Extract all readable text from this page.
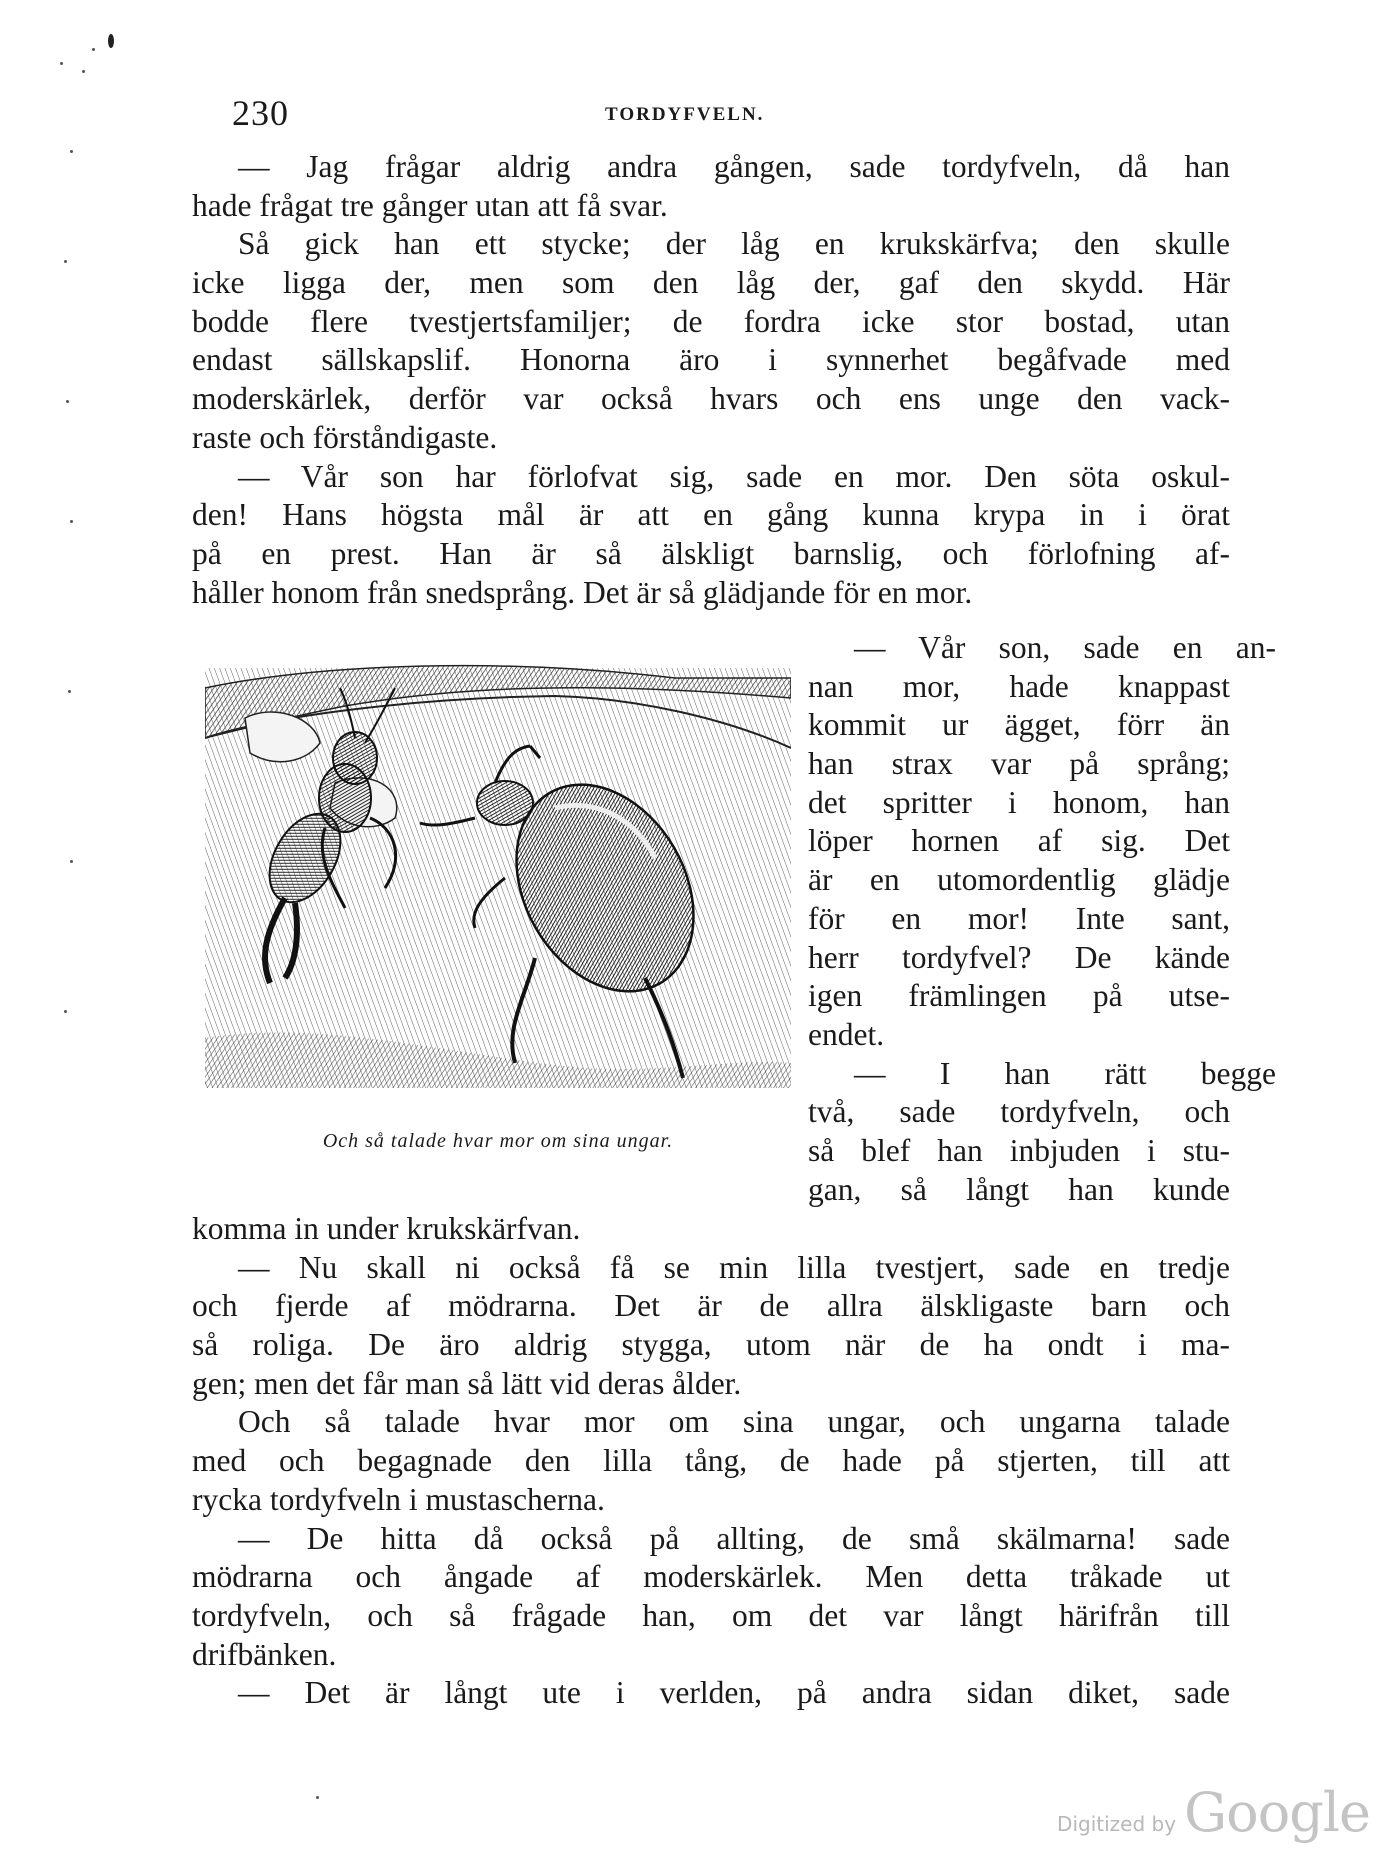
230	TORDYFVELN.
— Jag frågar aldrig andra gången, sade tordyfveln, då han
hade frågat tre gånger utan att få svar.
Så gick han ett stycke; der låg en krukskärfva; den skulle
icke ligga der, men som den låg der, gaf den skydd. Här
bodde flere tvestjertsfamiljer; de fordra icke stor bostad, utan
endast sällskapslif. Honorna äro i synnerhet begåfvade med
moderskärlek, derför var också hvars och ens unge den vack-
raste och förståndigaste.
— Vår son har förlofvat sig, sade en mor. Den söta oskul-
den! Hans högsta mål är att en gång kunna krypa in i örat
på en prest. Han är så älskligt barnslig, och förlofning af-
håller honom från snedsprång. Det är så glädjande för en mor.
Och så talade hvar mor om sina ungar.
— Vår son, sade en an-
nan mor, hade knappast
kommit ur ägget, förr än
han strax var på språng;
det spritter i honom, han
löper hornen af sig. Det
är en utomordentlig glädje
för en mor! Inte sant,
herr tordyfvel? De kände
igen främlingen på utse-
endet.
— I han rätt begge
två, sade tordyfveln, och
så blef han inbjuden i stu-
gan, så långt han kunde
komma in under krukskärfvan.
— Nu skall ni också få se min lilla tvestjert, sade en tredje
och fjerde af mödrarna. Det är de allra älskligaste barn och
så roliga. De äro aldrig stygga, utom när de ha ondt i ma-
gen; men det får man så lätt vid deras ålder.
Och så talade hvar mor om sina ungar, och ungarna talade
med och begagnade den lilla tång, de hade på stjerten, till att
rycka tordyfveln i mustascherna.
— De hitta då också på allting, de små skälmarna! sade
mödrarna och ångade af moderskärlek. Men detta tråkade ut
tordyfveln, och så frågade han, om det var långt härifrån till
drifbänken.
— Det är långt ute i verlden, på andra sidan diket, sade
Digitized by Google
